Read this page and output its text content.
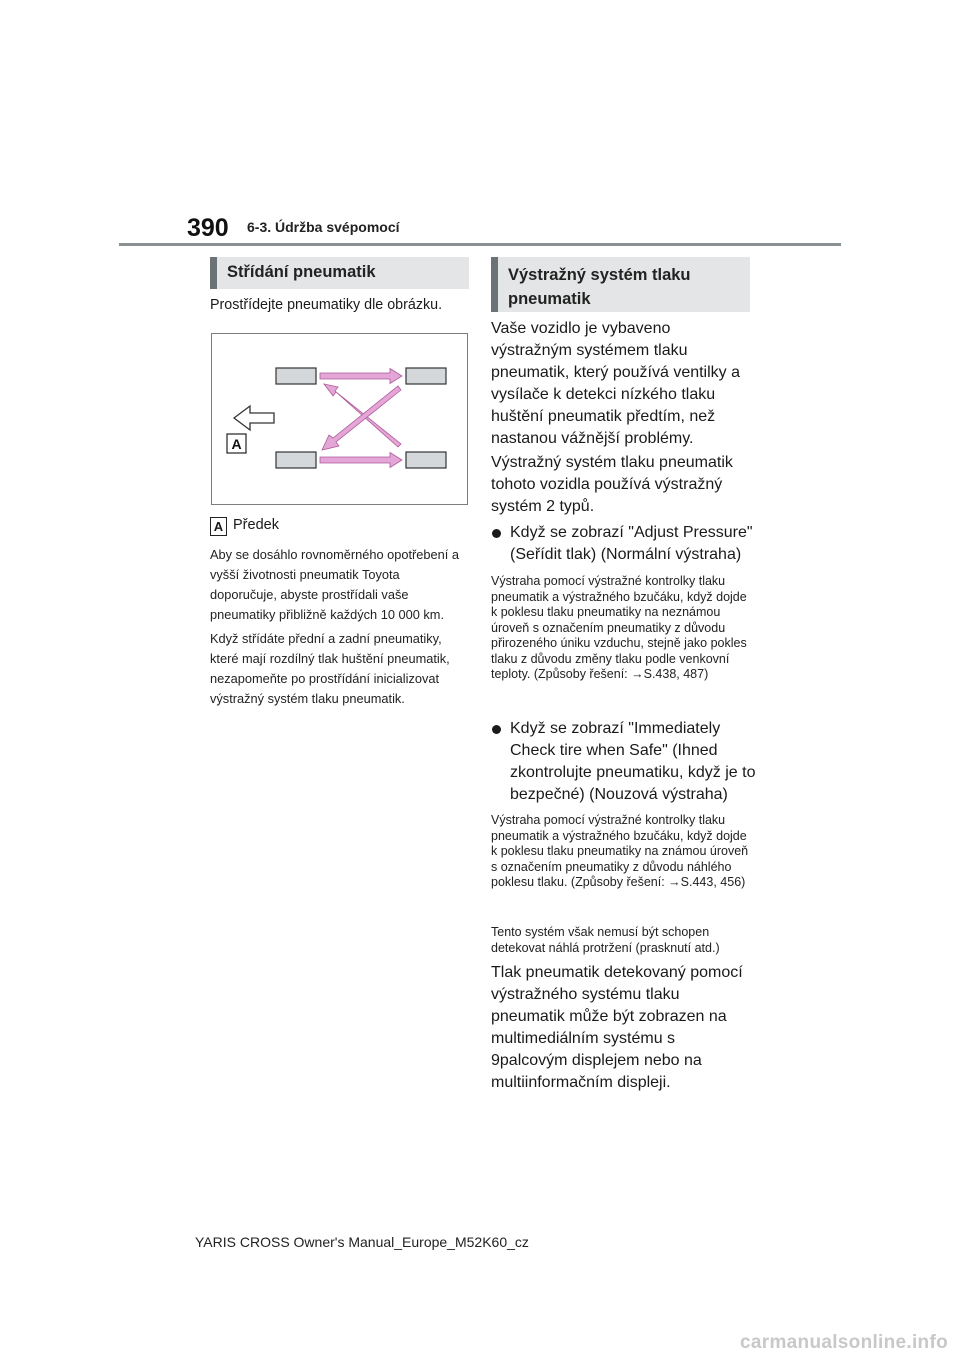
390 6-3. Údržba svépomocí
Střídání pneumatik
Prostřídejte pneumatiky dle obrázku.
A
A Předek
Aby se dosáhlo rovnoměrného opotřebení a vyšší životnosti pneumatik Toyota doporučuje, abyste prostřídali vaše pneumatiky přibližně každých 10 000 km.
Když střídáte přední a zadní pneumatiky, které mají rozdílný tlak huštění pneumatik, nezapomeňte po prostřídání inicializovat výstražný systém tlaku pneumatik.
Výstražný systém tlaku pneumatik
Vaše vozidlo je vybaveno výstražným systémem tlaku pneumatik, který používá ventilky a vysílače k detekci nízkého tlaku huštění pneumatik předtím, než nastanou vážnější problémy.
Výstražný systém tlaku pneumatik tohoto vozidla používá výstražný systém 2 typů.
Když se zobrazí "Adjust Pressure" (Seřídit tlak) (Normální výstraha)
Výstraha pomocí výstražné kontrolky tlaku pneumatik a výstražného bzučáku, když dojde k poklesu tlaku pneumatiky na neznámou úroveň s označením pneumatiky z důvodu přirozeného úniku vzduchu, stejně jako pokles tlaku z důvodu změny tlaku podle venkovní teploty. (Způsoby řešení: →S.438, 487)
Když se zobrazí "Immediately Check tire when Safe" (Ihned zkontrolujte pneumatiku, když je to bezpečné) (Nouzová výstraha)
Výstraha pomocí výstražné kontrolky tlaku pneumatik a výstražného bzučáku, když dojde k poklesu tlaku pneumatiky na známou úroveň s označením pneumatiky z důvodu náhlého poklesu tlaku. (Způsoby řešení: →S.443, 456)
Tento systém však nemusí být schopen detekovat náhlá protržení (prasknutí atd.)
Tlak pneumatik detekovaný pomocí výstražného systému tlaku pneumatik může být zobrazen na multimediálním systému s 9palcovým displejem nebo na multiinformačním displeji.
YARIS CROSS Owner's Manual_Europe_M52K60_cz
carmanualsonline.info
